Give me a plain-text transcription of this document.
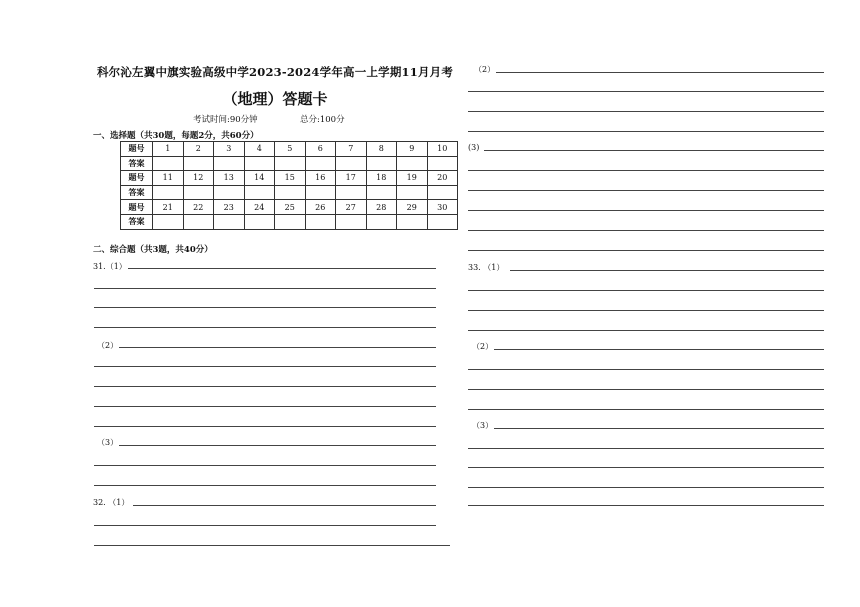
科尔沁左翼中旗实验高级中学2023-2024学年高一上学期11月月考
（地理）答题卡
考试时间:90分钟	总分:100分
一、选择题（共30题，每题2分，共60分）
题号	1	2	3	4	5	6	7	8	9	10
答案										
题号	11	12	13	14	15	16	17	18	19	20
答案										
题号	21	22	23	24	25	26	27	28	29	30
答案										
二、综合题（共3题，共40分）
31.（1）
（2）
（3）
32. （1）
（2）
(3)
33. （1）
（2）
（3）
